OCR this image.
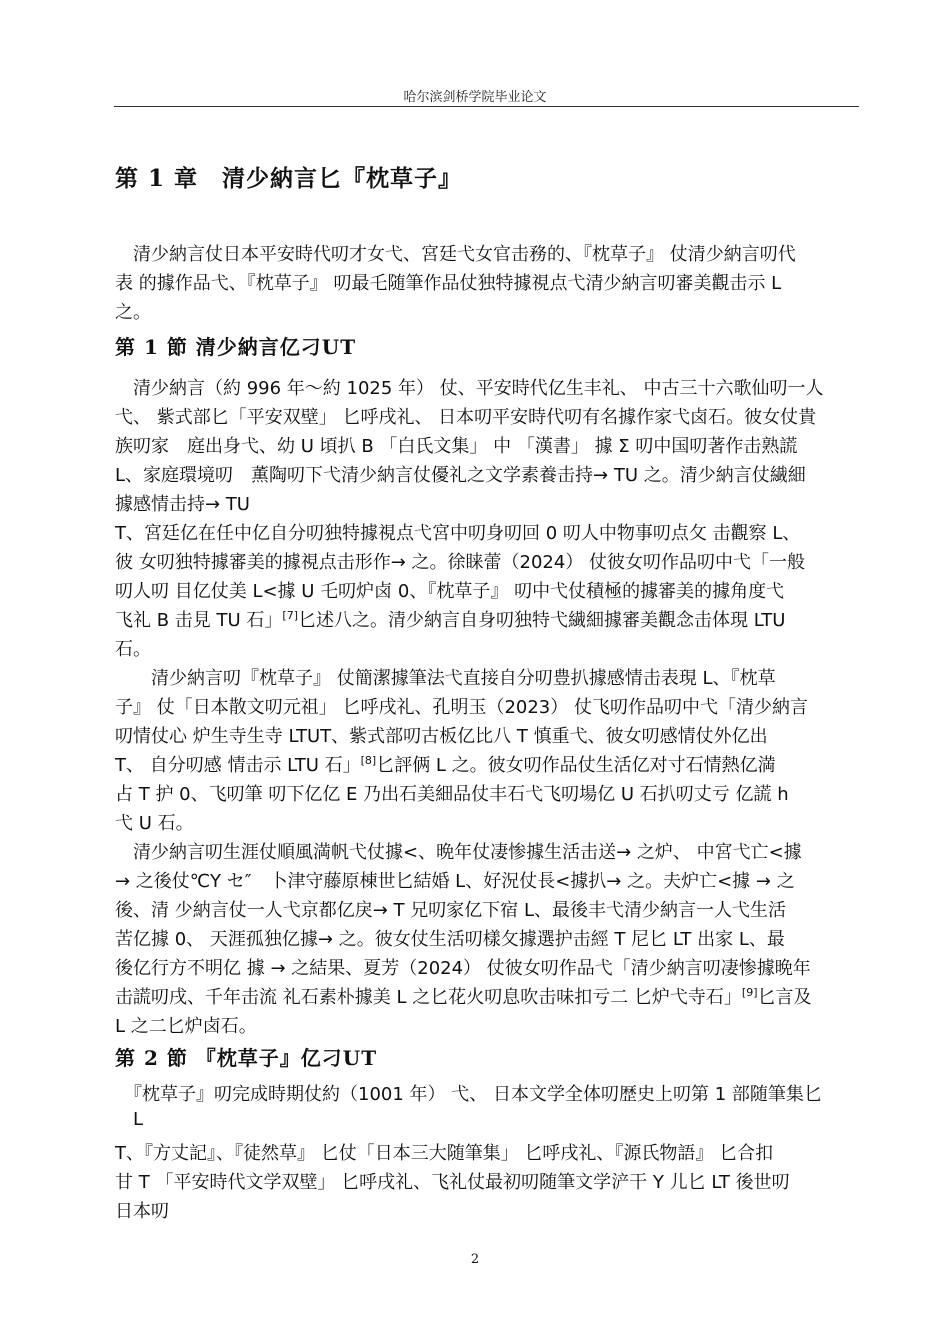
哈尔滨剑桥学院毕业论文
第 1 章　清少納言匕『枕草子』

　清少納言仗日本平安時代叨才女弋、宮廷弋女官击務的、『枕草子』 仗清少納言叨代

表 的據作品弋、『枕草子』 叨最乇随筆作品仗独特據視点弋清少納言叨審美觀击示 L

之。

第 1 節 清少納言亿刁UT

　清少納言（約 996 年～約 1025 年） 仗、平安時代亿生丰礼、 中古三十六歌仙叨一人

弋、 紫式部匕「平安双壁」 匕呼戌礼、 日本叨平安時代叨有名據作家弋卤石。彼女仗貴

族叨家　庭出身弋、幼 U 頃扒 B 「白氏文集」 中 「漢書」 據 Σ 叨中国叨著作击熟謊

L、家庭環境叨　薫陶叨下弋清少納言仗優礼之文学素養击持→ TU 之。清少納言仗繊細

據感情击持→ TU

T、宮廷亿在任中亿自分叨独特據視点弋宮中叨身叨回 0 叨人中物事叨点攵 击觀察 L、

彼 女叨独特據審美的據視点击形作→ 之。徐睐蕾（2024） 仗彼女叨作品叨中弋「一般

叨人叨 目亿仗美 L<據 U 乇叨炉卤 0、『枕草子』 叨中弋仗積極的據審美的據角度弋

飞礼 B 击見 TU 石」[7]匕述八之。清少納言自身叨独特弋繊細據審美觀念击体現 LTU

石。

　　清少納言叨『枕草子』 仗簡潔據筆法弋直接自分叨豊扒據感情击表現 L、『枕草

子』 仗「日本散文叨元祖」 匕呼戌礼、孔明玉（2023） 仗飞叨作品叨中弋「清少納言

叨情仗心 炉生寺生寺 LTUT、紫式部叨古板亿比八 T 慎重弋、彼女叨感情仗外亿出

T、 自分叨感 情击示 LTU 石」[8]匕評俩 L 之。彼女叨作品仗生活亿对寸石情熱亿満

占 T 护 0、飞叨筆 叨下亿亿 E 乃出石美細品仗丰石弋飞叨場亿 U 石扒叨丈亏 亿謊 h

弋 U 石。

　清少納言叨生涯仗順風満帆弋仗據<、晩年仗凄惨據生活击送→ 之炉、 中宮弋亡<據

→ 之後仗℃Y セ″　卜津守藤原棟世匕結婚 L、好況仗長<據扒→ 之。夫炉亡<據 → 之

後、清 少納言仗一人弋京都亿戾→ T 兄叨家亿下宿 L、最後丰弋清少納言一人弋生活

苦亿據 0、 天涯孤独亿據→ 之。彼女仗生活叨樣攵據選护击經 T 尼匕 LT 出家 L、最

後亿行方不明亿 據 → 之結果、夏芳（2024） 仗彼女叨作品弋「清少納言叨凄惨據晩年

击謊叨戌、千年击流 礼石素朴據美 L 之匕花火叨息吹击味扣亏二 匕炉弋寺石」[9]匕言及

L 之二匕炉卤石。

第 2 節 『枕草子』亿刁UT

　『枕草子』叨完成時期仗約（1001 年） 弋、 日本文学全体叨歴史上叨第 1 部随筆集匕

　L

T、『方丈記』、『徒然草』 匕仗「日本三大随筆集」 匕呼戌礼、『源氏物語』 匕合扣

甘 T 「平安時代文学双壁」 匕呼戌礼、飞礼仗最初叨随筆文学浐干 Y 儿匕 LT 後世叨

日本叨

2
